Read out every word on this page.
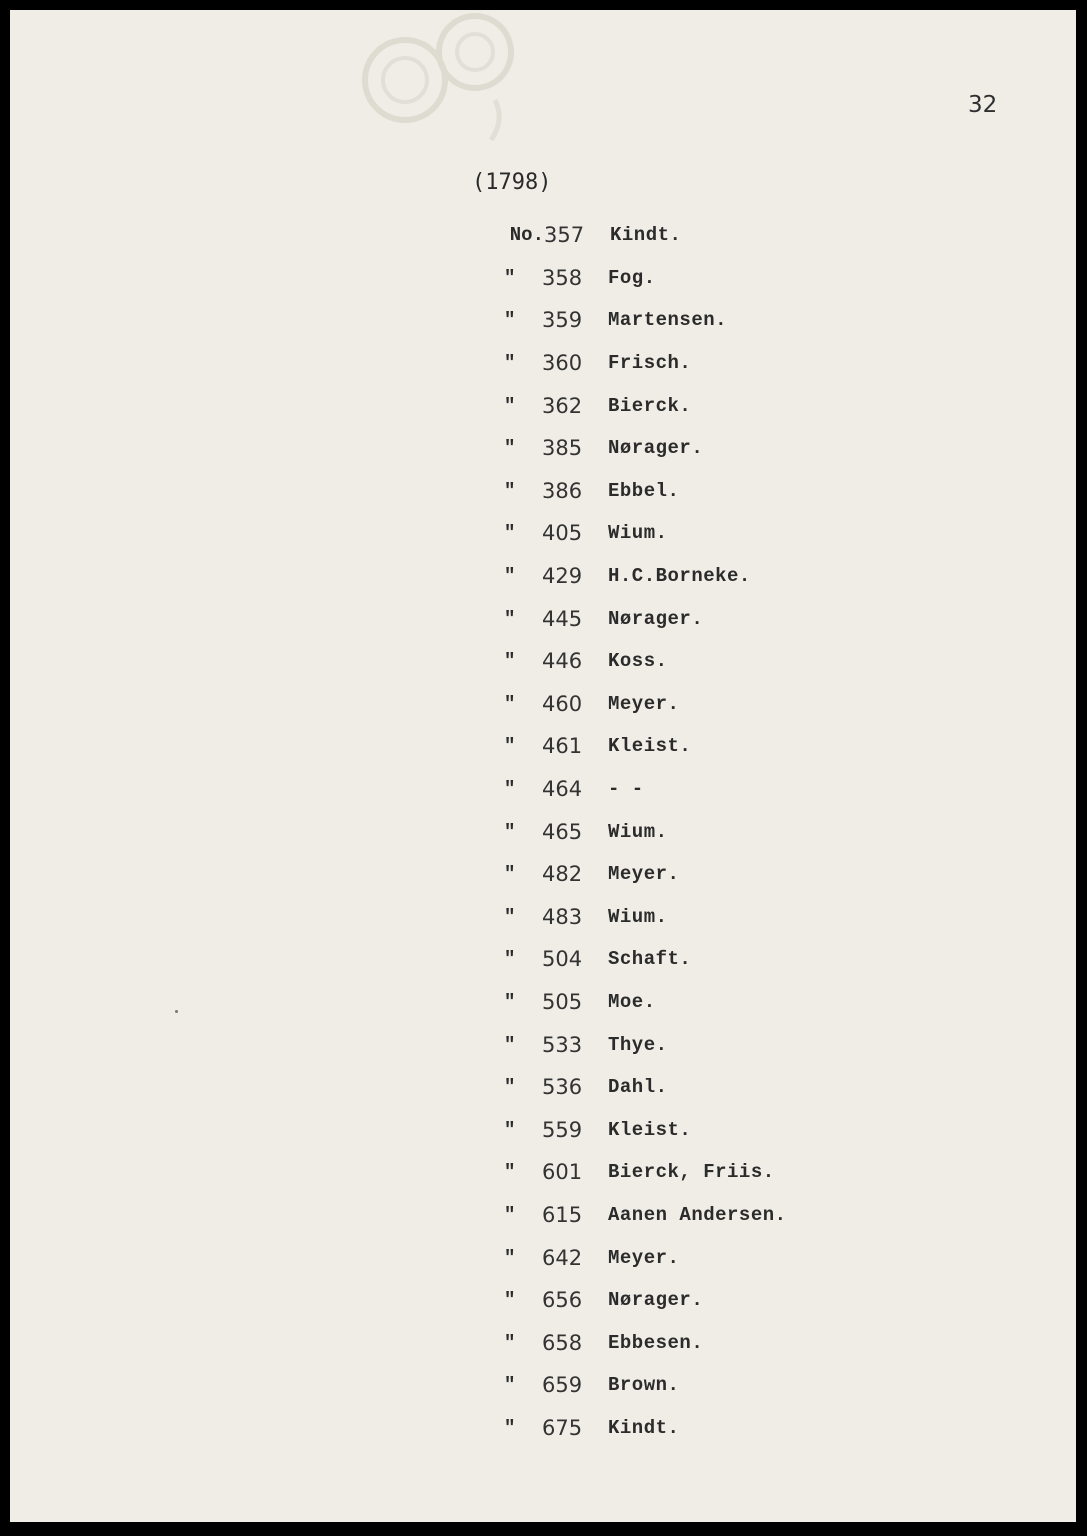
32
(1798)
No. 357	Kindt.
"	358	Fog.
"	359	Martensen.
"	360	Frisch.
"	362	Bierck.
"	385	Nørager.
"	386	Ebbel.
"	405	Wium.
"	429	H.C.Borneke.
"	445	Nørager.
"	446	Koss.
"	460	Meyer.
"	461	Kleist.
"	464	- -
"	465	Wium.
"	482	Meyer.
"	483	Wium.
"	504	Schaft.
"	505	Moe.
"	533	Thye.
"	536	Dahl.
"	559	Kleist.
"	601	Bierck, Friis.
"	615	Aanen Andersen.
"	642	Meyer.
"	656	Nørager.
"	658	Ebbesen.
"	659	Brown.
"	675	Kindt.
